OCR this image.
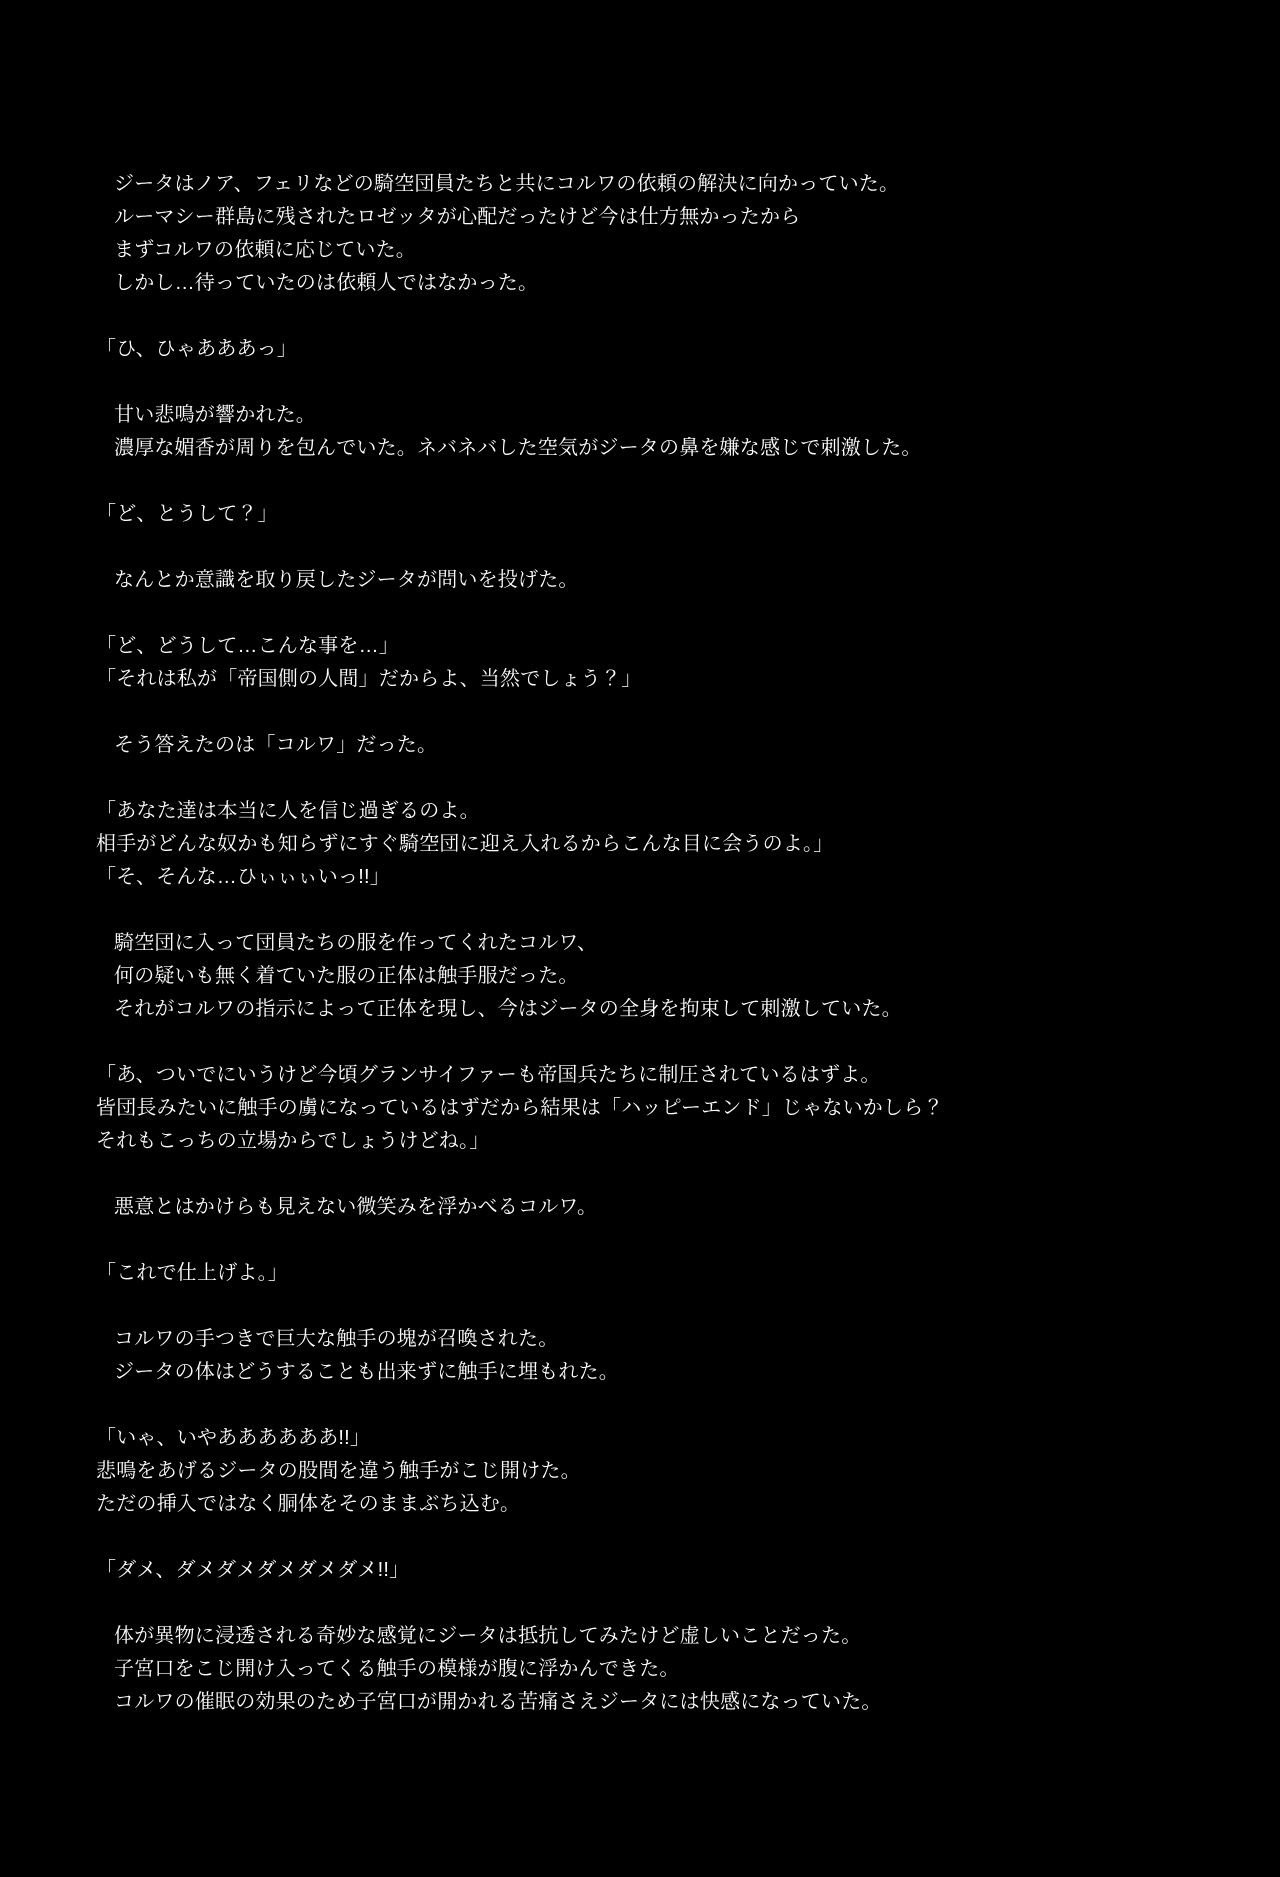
ジータはノア、フェリなどの騎空団員たちと共にコルワの依頼の解決に向かっていた。
ルーマシー群島に残されたロゼッタが心配だったけど今は仕方無かったから
まずコルワの依頼に応じていた。
しかし…待っていたのは依頼人ではなかった。
「ひ、ひゃあああっ」
甘い悲鳴が響かれた。
濃厚な媚香が周りを包んでいた。ネバネバした空気がジータの鼻を嫌な感じで刺激した。
「ど、とうして？」
なんとか意識を取り戻したジータが問いを投げた。
「ど、どうして…こんな事を…」
「それは私が「帝国側の人間」だからよ、当然でしょう？」
そう答えたのは「コルワ」だった。
「あなた達は本当に人を信じ過ぎるのよ。
相手がどんな奴かも知らずにすぐ騎空団に迎え入れるからこんな目に会うのよ。」
「そ、そんな…ひぃぃぃいっ!!」
騎空団に入って団員たちの服を作ってくれたコルワ、
何の疑いも無く着ていた服の正体は触手服だった。
それがコルワの指示によって正体を現し、今はジータの全身を拘束して刺激していた。
「あ、ついでにいうけど今頃グランサイファーも帝国兵たちに制圧されているはずよ。
皆団長みたいに触手の虜になっているはずだから結果は「ハッピーエンド」じゃないかしら？
それもこっちの立場からでしょうけどね。」
悪意とはかけらも見えない微笑みを浮かべるコルワ。
「これで仕上げよ。」
コルワの手つきで巨大な触手の塊が召喚された。
ジータの体はどうすることも出来ずに触手に埋もれた。
「いゃ、いやああああああ!!」
悲鳴をあげるジータの股間を違う触手がこじ開けた。
ただの挿入ではなく胴体をそのままぶち込む。
「ダメ、ダメダメダメダメダメ!!」
体が異物に浸透される奇妙な感覚にジータは抵抗してみたけど虚しいことだった。
子宮口をこじ開け入ってくる触手の模様が腹に浮かんできた。
コルワの催眠の効果のため子宮口が開かれる苦痛さえジータには快感になっていた。
